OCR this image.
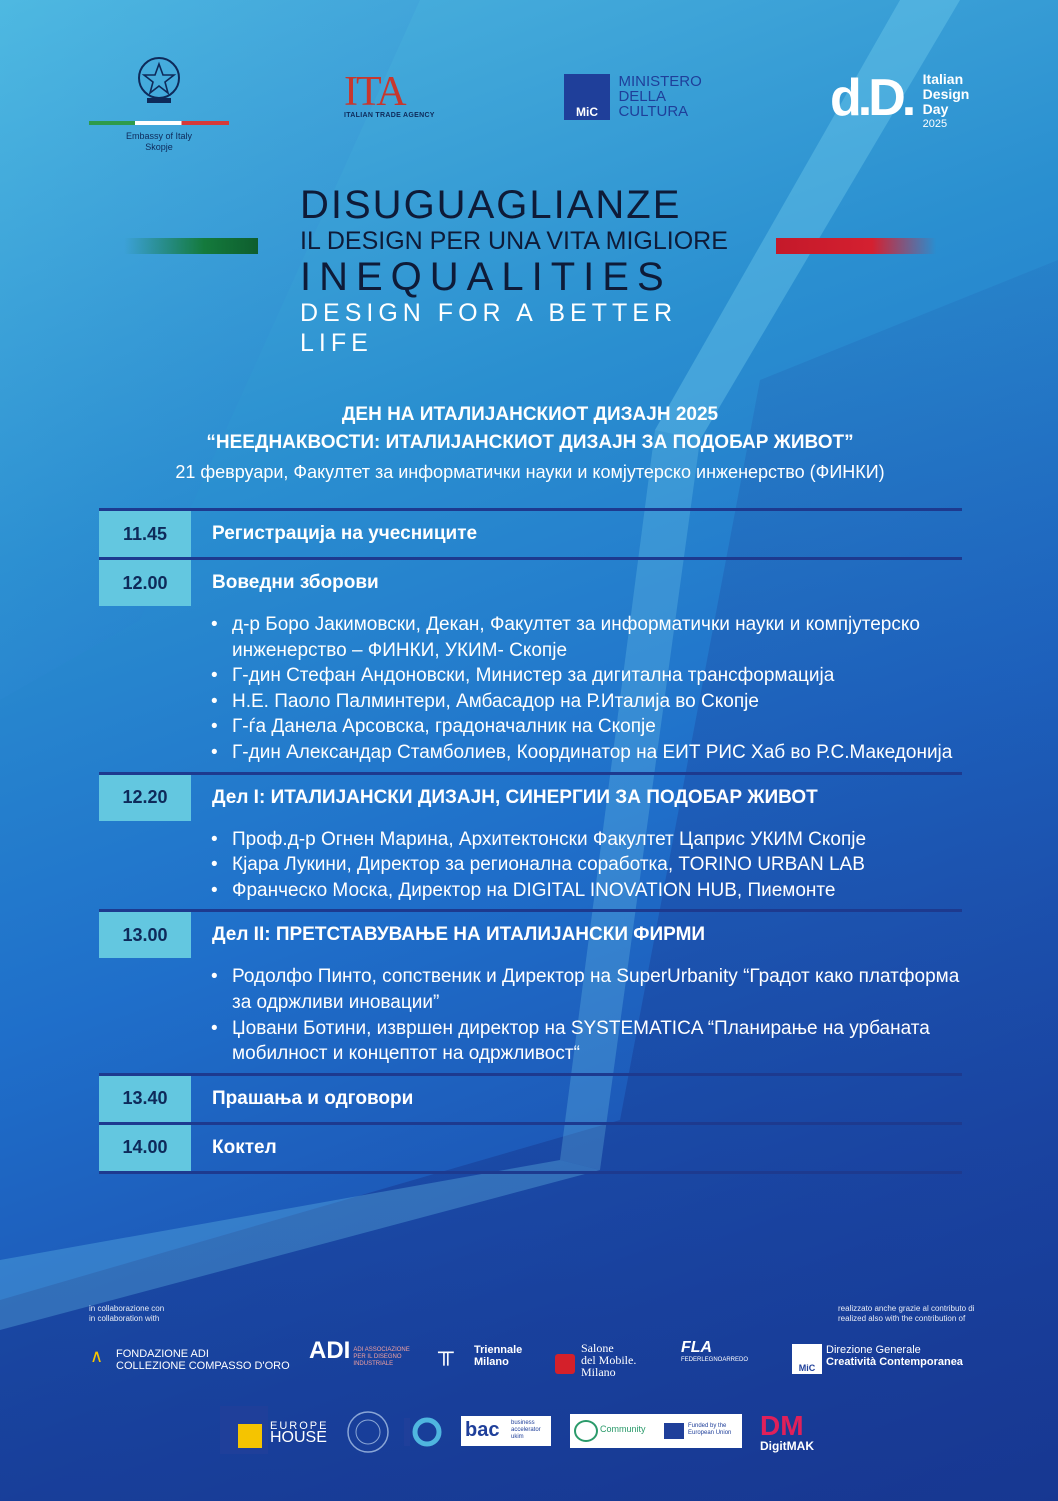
Embassy of Italy
Skopje
ITA
ITALIAN TRADE AGENCY	MiC
MINISTERO
DELLA
CULTURA	d.D. Italian
Design
Day
2025
DISUGUAGLIANZE
IL DESIGN PER UNA VITA MIGLIORE
INEQUALITIES
DESIGN FOR A BETTER LIFE
ДЕН НА ИТАЛИЈАНСКИОТ ДИЗАЈН 2025
“НЕЕДНАКВОСТИ: ИТАЛИЈАНСКИОТ ДИЗАЈН ЗА ПОДОБАР ЖИВОТ”
21 февруари, Факултет за информатички науки и комјутерско инженерство (ФИНКИ)
11.45	Регистрација на учесниците
12.00	Воведни зборови
• д-р Боро Јакимовски, Декан, Факултет за информатички науки и компјутерско инженерство – ФИНКИ, УКИМ- Скопје
• Г-дин Стефан Андоновски, Министер за дигитална трансформација
• Н.Е. Паоло Палминтери, Амбасадор на Р.Италија во Скопје
• Г-ѓа Данела Арсовска, градоначалник на Скопје
• Г-дин Александар Стамболиев, Координатор на ЕИТ РИС Хаб во Р.С.Македонија
12.20	Дел I: ИТАЛИЈАНСКИ ДИЗАЈН, СИНЕРГИИ ЗА ПОДОБАР ЖИВОТ
• Проф.д-р Огнен Марина, Архитектонски Факултет Цаприс УКИМ Скопје
• Кјара Лукини, Директор за регионална соработка, TORINO URBAN LAB
• Франческо Моска, Директор на DIGITAL INOVATION HUB, Пиемонте
13.00	Дел II: ПРЕТСТАВУВАЊЕ НА ИТАЛИЈАНСКИ ФИРМИ
• Родолфо Пинто, сопственик и Директор на SuperUrbanity “Градот како платформа за одржливи иновации”
• Џовани Ботини, извршен директор на SYSTEMATICA “Планирање на урбаната мобилност и концептот на одржливост“
13.40	Прашања и одговори
14.00	Коктел
in collaborazione con
in collaboration with
realizzato anche grazie al contributo di
realized also with the contribution of
∧ FONDAZIONE ADI
COLLEZIONE COMPASSO D'ORO
ADI ADI ASSOCIAZIONE PER IL DISEGNO INDUSTRIALE	╥ Triennale
Milano
Salone
del Mobile.
Milano
FLA
FEDERLEGNOARREDO
MiC
Direzione Generale
Creatività Contemporanea
EUROPE
HOUSE	bac business accelerator ukim
Community	Funded by the European Union	DM
DigitMAK
